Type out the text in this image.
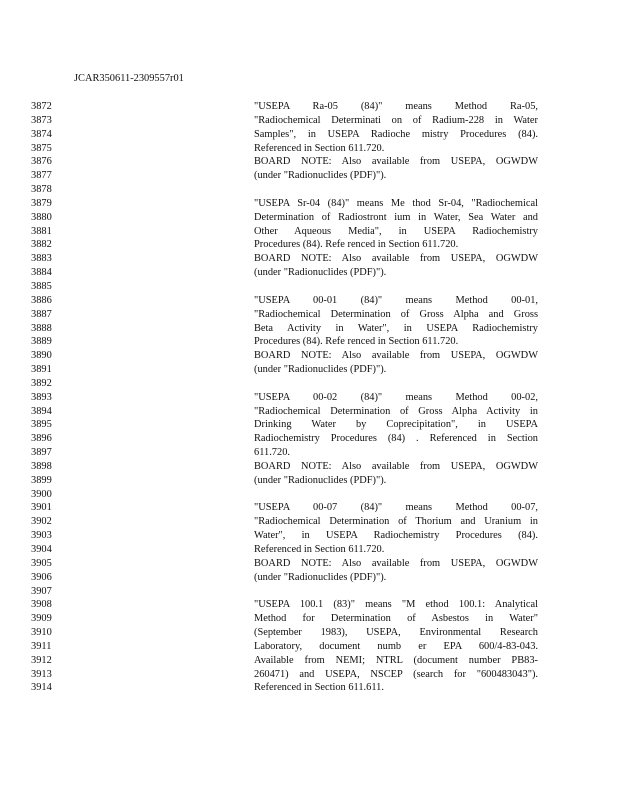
JCAR350611-2309557r01
3872
3873
3874
3875
3876
3877
3878
3879
3880
3881
3882
3883
3884
3885
3886
3887
3888
3889
3890
3891
3892
3893
3894
3895
3896
3897
3898
3899
3900
3901
3902
3903
3904
3905
3906
3907
3908
3909
3910
3911
3912
3913
3914
"USEPA Ra-05 (84)" means Method Ra-05,
"Radiochemical Determinati on of Radium-228 in Water
Samples", in USEPA Radioche mistry Procedures (84).
Referenced in Section 611.720.
BOARD NOTE: Also available from USEPA, OGWDW
(under "Radionuclides (PDF)").
"USEPA Sr-04 (84)" means Me thod Sr-04, "Radiochemical
Determination of Radiostront ium in Water, Sea Water and
Other Aqueous Media", in USEPA Radiochemistry
Procedures (84). Refe renced in Section 611.720.
BOARD NOTE: Also available from USEPA, OGWDW
(under "Radionuclides (PDF)").
"USEPA 00-01 (84)" means Method 00-01,
"Radiochemical Determination of Gross Alpha and Gross
Beta Activity in Water", in USEPA Radiochemistry
Procedures (84). Refe renced in Section 611.720.
BOARD NOTE: Also available from USEPA, OGWDW
(under "Radionuclides (PDF)").
"USEPA 00-02 (84)" means Method 00-02,
"Radiochemical Determination of Gross Alpha Activity in
Drinking Water by Coprecipitation", in USEPA
Radiochemistry Procedures (84) . Referenced in Section
611.720.
BOARD NOTE: Also available from USEPA, OGWDW
(under "Radionuclides (PDF)").
"USEPA 00-07 (84)" means Method 00-07,
"Radiochemical Determination of Thorium and Uranium in
Water", in USEPA Radiochemistry Procedures (84).
Referenced in Section 611.720.
BOARD NOTE: Also available from USEPA, OGWDW
(under "Radionuclides (PDF)").
"USEPA 100.1 (83)" means "M ethod 100.1: Analytical
Method for Determination of Asbestos in Water"
(September 1983), USEPA, Environmental Research
Laboratory, document numb er EPA 600/4-83-043.
Available from NEMI; NTRL (document number PB83-
260471) and USEPA, NSCEP (search for "600483043").
Referenced in Section 611.611.
